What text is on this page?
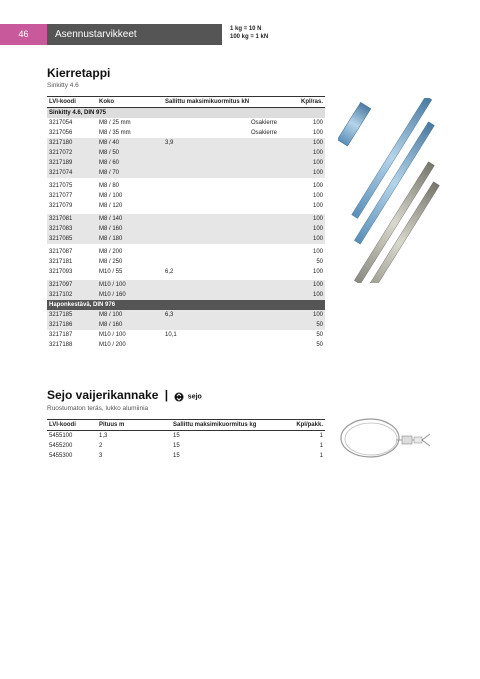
46	Asennustarvikkeet	1 kg = 10 N
100 kg = 1 kN
Kierretappi
Sinkitty 4.6
LVI-koodi	Koko	Sallittu maksimikuormitus kN	Kpl/ras.
Sinkitty 4.6, DIN 975			
3217054	M8 / 25 mm	Osakierre	100
3217056	M8 / 35 mm	Osakierre	100
3217180	M8 / 40	3,9	100
3217072	M8 / 50		100
3217189	M8 / 60		100
3217074	M8 / 70		100

3217075	M8 / 80		100
3217077	M8 / 100		100
3217079	M8 / 120		100

3217081	M8 / 140		100
3217083	M8 / 160		100
3217085	M8 / 180		100

3217087	M8 / 200		100
3217181	M8 / 250		50
3217093	M10 / 55	6,2	100

3217097	M10 / 100		100
3217102	M10 / 160		100
Haponkestävä, DIN 976			
3217185	M8 / 100	6,3	100
3217186	M8 / 160		50
3217187	M10 / 100	10,1	50
3217188	M10 / 200		50
Sejo vaijerikannake |	sejo
Ruostumaton teräs, lukko alumiinia
LVI-koodi	Pituus m	Sallittu maksimikuormitus kg	Kpl/pakk.
5455100	1,3	15	1
5455200	2	15	1
5455300	3	15	1
